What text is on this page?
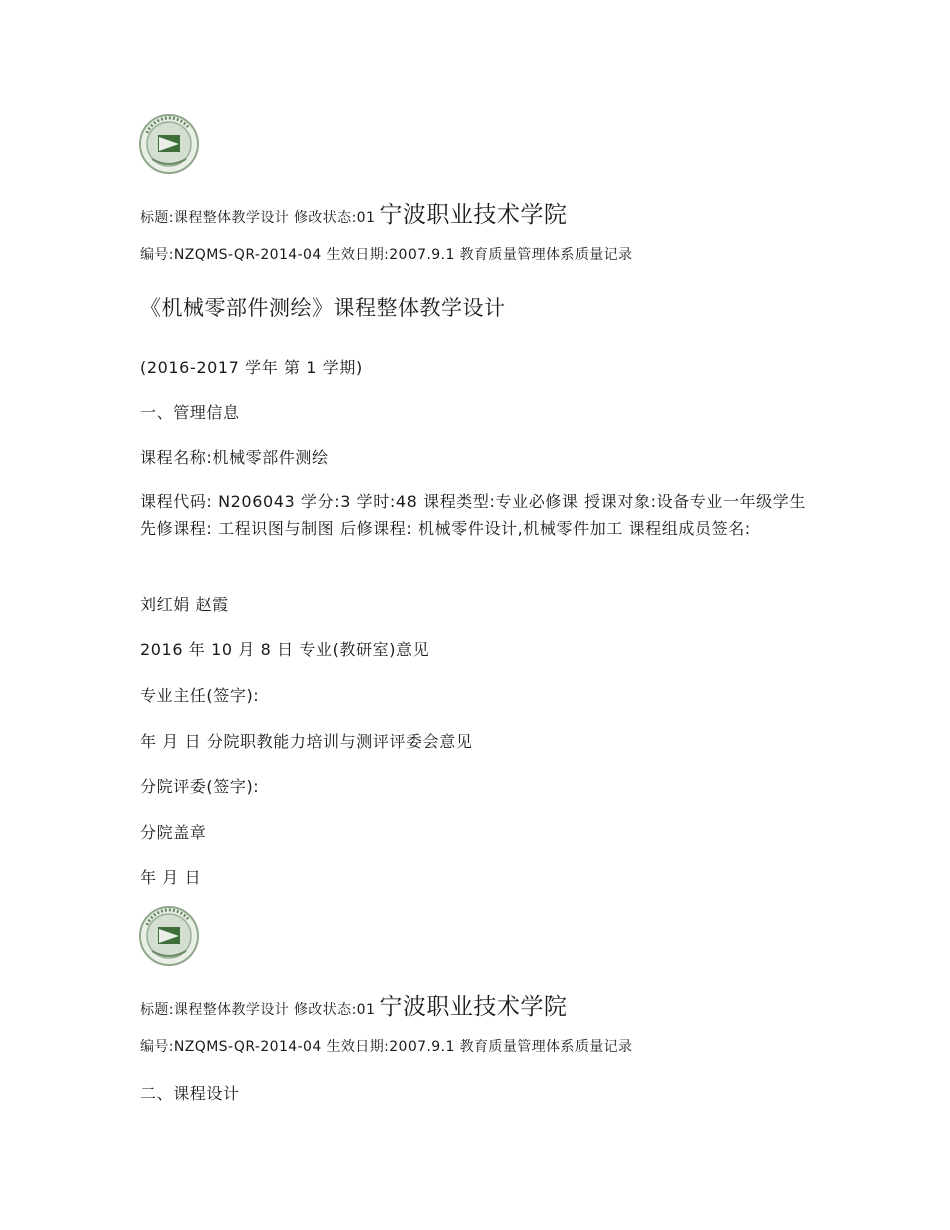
标题:课程整体教学设计 修改状态:01 宁波职业技术学院
编号:NZQMS-QR-2014-04 生效日期:2007.9.1 教育质量管理体系质量记录
《机械零部件测绘》课程整体教学设计
(2016-2017 学年 第 1 学期)
一、管理信息
课程名称:机械零部件测绘
课程代码: N206043 学分:3 学时:48 课程类型:专业必修课 授课对象:设备专业一年级学生 先修课程: 工程识图与制图 后修课程: 机械零件设计,机械零件加工 课程组成员签名:
刘红娟 赵霞
2016 年 10 月 8 日 专业(教研室)意见
专业主任(签字):
年 月 日 分院职教能力培训与测评评委会意见
分院评委(签字):
分院盖章
年 月 日
标题:课程整体教学设计 修改状态:01 宁波职业技术学院
编号:NZQMS-QR-2014-04 生效日期:2007.9.1 教育质量管理体系质量记录
二、课程设计
